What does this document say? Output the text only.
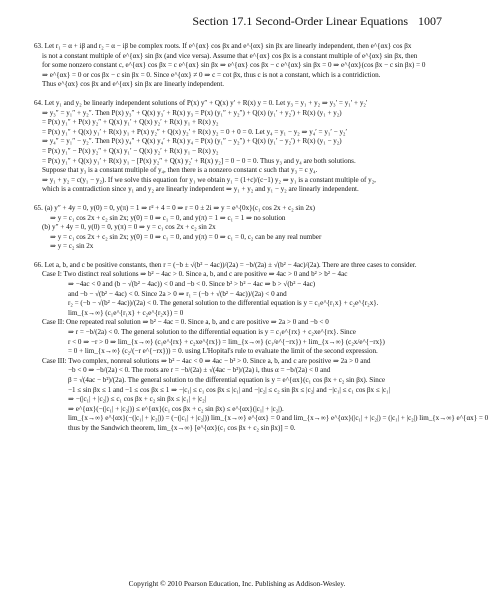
Section 17.1 Second-Order Linear Equations 1007
63. Let r₁ = α + iβ and r₂ = α − iβ be complex roots. If e^{αx} cos βx and e^{αx} sin βx are linearly independent, then e^{αx} cos βx
is not a constant multiple of e^{αx} sin βx (and vice versa). Assume that e^{αx} cos βx is a constant multiple of e^{αx} sin βx, then
for some nonzero constant c, e^{αx} cos βx = c e^{αx} sin βx ⇒ e^{αx} cos βx − c e^{αx} sin βx = 0 ⇒ e^{αx}(cos βx − c sin βx) = 0
⇒ e^{αx} = 0 or cos βx − c sin βx = 0. Since e^{αx} ≠ 0 ⇒ c = cot βx, thus c is not a constant, which is a contridiction.
Thus e^{αx} cos βx and e^{αx} sin βx are linearly independent.
64. Let y₁ and y₂ be linearly independent solutions of P(x) y″ + Q(x) y′ + R(x) y = 0. Let y₃ = y₁ + y₂ ⇒ y₃′ = y₁′ + y₂′
⇒ y₃″ = y₁″ + y₂″. Then P(x) y₃″ + Q(x) y₃′ + R(x) y₃ = P(x) (y₁″ + y₂″) + Q(x) (y₁′ + y₂′) + R(x) (y₁ + y₂)
= P(x) y₁″ + P(x) y₂″ + Q(x) y₁′ + Q(x) y₂′ + R(x) y₁ + R(x) y₂
= P(x) y₁″ + Q(x) y₁′ + R(x) y₁ + P(x) y₂″ + Q(x) y₂′ + R(x) y₂ = 0 + 0 = 0. Let y₄ = y₁ − y₂ ⇒ y₄′ = y₁′ − y₂′
⇒ y₄″ = y₁″ − y₂″. Then P(x) y₄″ + Q(x) y₄′ + R(x) y₄ = P(x) (y₁″ − y₂″) + Q(x) (y₁′ − y₂′) + R(x) (y₁ − y₂)
= P(x) y₁″ − P(x) y₂″ + Q(x) y₁′ − Q(x) y₂′ + R(x) y₁ − R(x) y₂
= P(x) y₁″ + Q(x) y₁′ + R(x) y₁ − [P(x) y₂″ + Q(x) y₂′ + R(x) y₂] = 0 − 0 = 0. Thus y₃ and y₄ are both solutions.
Suppose that y₃ is a constant multiple of y₄, then there is a nonzero constant c such that y₃ = c y₄.
⇒ y₁ + y₂ = c(y₁ − y₂). If we solve this equation for y₁ we obtain y₁ = (1+c)/(c−1) y₂ ⇒ y₁ is a constant multiple of y₂,
which is a contradiction since y₁ and y₂ are linearly independent ⇒ y₁ + y₂ and y₁ − y₂ are linearly independent.
65. (a) y″ + 4y = 0, y(0) = 0, y(π) = 1 ⇒ r² + 4 = 0 ⇒ r = 0 ± 2i ⇒ y = e^{0x}(c₁ cos 2x + c₂ sin 2x)
⇒ y = c₁ cos 2x + c₂ sin 2x; y(0) = 0 ⇒ c₁ = 0, and y(π) = 1 ⇒ c₁ = 1 ⇒ no solution
(b) y″ + 4y = 0, y(0) = 0, y(π) = 0 ⇒ y = c₁ cos 2x + c₂ sin 2x
⇒ y = c₁ cos 2x + c₂ sin 2x; y(0) = 0 ⇒ c₁ = 0, and y(π) = 0 ⇒ c₁ = 0, c₂ can be any real number
⇒ y = c₂ sin 2x
66. Let a, b, and c be positive constants, then r = (−b ± √(b² − 4ac))/(2a) = −b/(2a) ± √(b² − 4ac)/(2a). There are three cases to consider.
Case I: Two distinct real solutions ⇒ b² − 4ac > 0. Since a, b, and c are positive ⇒ 4ac > 0 and b² > b² − 4ac
⇒ −4ac < 0 and (b − √(b² − 4ac)) < 0 and −b < 0. Since b² > b² − 4ac ⇒ b > √(b² − 4ac)
and −b − √(b² − 4ac) < 0. Since 2a > 0 ⇒ r₁ = (−b + √(b² − 4ac))/(2a) < 0 and
r₂ = (−b − √(b² − 4ac))/(2a) < 0. The general solution to the differential equation is y = c₁e^{r₁x} + c₂e^{r₂x}.
lim_{x→∞} (c₁e^{r₁x} + c₂e^{r₂x}) = 0
Case II: One repeated real solution ⇒ b² − 4ac = 0. Since a, b, and c are positive ⇒ 2a > 0 and −b < 0
⇒ r = −b/(2a) < 0. The general solution to the differential equation is y = c₁e^{rx} + c₂xe^{rx}. Since
r < 0 ⇒ −r > 0 ⇒ lim_{x→∞} (c₁e^{rx} + c₂xe^{rx}) = lim_{x→∞} (c₁/e^{−rx}) + lim_{x→∞} (c₂x/e^{−rx})
= 0 + lim_{x→∞} (c₂/(−r e^{−rx})) = 0. using L'Hopital's rule to evaluate the limit of the second expression.
Case III: Two complex, nonreal solutions ⇒ b² − 4ac < 0 ⇒ 4ac − b² > 0. Since a, b, and c are positive ⇒ 2a > 0 and
−b < 0 ⇒ −b/(2a) < 0. The roots are r = −b/(2a) ± √(4ac − b²)/(2a) i, thus α = −b/(2a) < 0 and
β = √(4ac − b²)/(2a). The general solution to the differential equation is y = e^{αx}(c₁ cos βx + c₂ sin βx). Since
−1 ≤ sin βx ≤ 1 and −1 ≤ cos βx ≤ 1 ⇒ −|c₁| ≤ c₁ cos βx ≤ |c₁| and −|c₂| ≤ c₂ sin βx ≤ |c₂| and −|c₁| ≤ c₁ cos βx ≤ |c₁|
⇒ −(|c₁| + |c₂|) ≤ c₁ cos βx + c₂ sin βx ≤ |c₁| + |c₂|
⇒ e^{αx}(−(|c₁| + |c₂|)) ≤ e^{αx}(c₁ cos βx + c₂ sin βx) ≤ e^{αx}(|c₁| + |c₂|).
lim_{x→∞} e^{αx}(−(|c₁| + |c₂|)) = (−(|c₁| + |c₂|)) lim_{x→∞} e^{αx} = 0 and lim_{x→∞} e^{αx}(|c₁| + |c₂|) = (|c₁| + |c₂|) lim_{x→∞} e^{αx} = 0
thus by the Sandwich theorem, lim_{x→∞} [e^{αx}(c₁ cos βx + c₂ sin βx)] = 0.
Copyright © 2010 Pearson Education, Inc. Publishing as Addison-Wesley.
